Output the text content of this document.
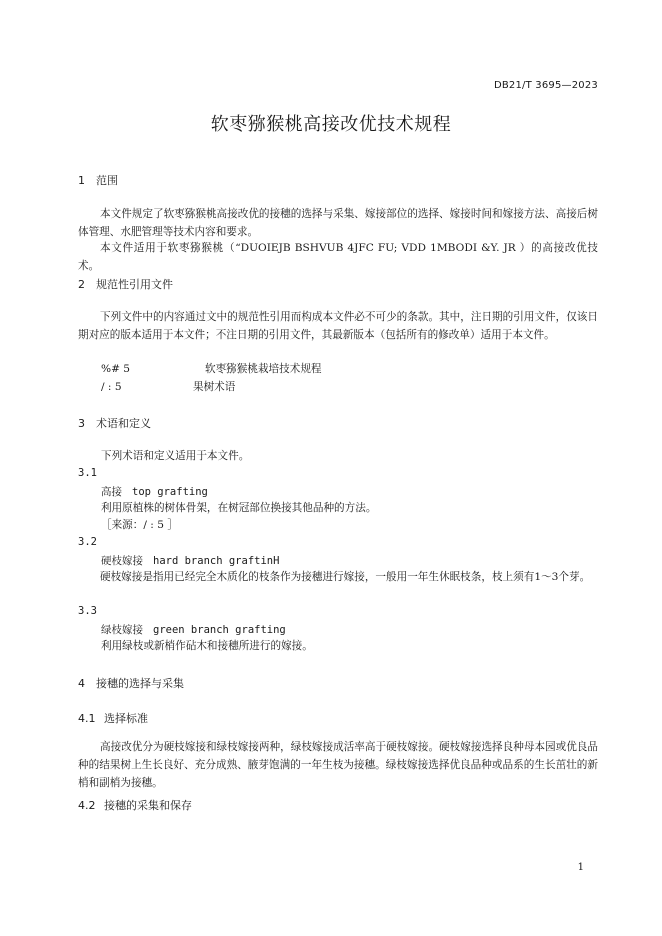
DB21/T 3695—2023
软枣猕猴桃高接改优技术规程
1 范围
本文件规定了软枣猕猴桃高接改优的接穗的选择与采集、嫁接部位的选择、嫁接时间和嫁接方法、高接后树体管理、水肥管理等技术内容和要求。
本文件适用于软枣猕猴桃（“DUOIEJB BSHVUB 4JFC FU; VDD 1MBODI &Y. JR ）的高接改优技术。
2 规范性引用文件
下列文件中的内容通过文中的规范性引用而构成本文件必不可少的条款。其中，注日期的引用文件，仅该日期对应的版本适用于本文件；不注日期的引用文件，其最新版本（包括所有的修改单）适用于本文件。
%# 5	软枣猕猴桃栽培技术规程
/ : 5	果树术语
3 术语和定义
下列术语和定义适用于本文件。
3.1
高接 top grafting
利用原植株的树体骨架，在树冠部位换接其他品种的方法。
［来源：/ : 5 ］
3.2
硬枝嫁接 hard branch graftinH
硬枝嫁接是指用已经完全木质化的枝条作为接穗进行嫁接，一般用一年生休眠枝条，枝上须有1～3个芽。
3.3
绿枝嫁接 green branch grafting
利用绿枝或新梢作砧木和接穗所进行的嫁接。
4 接穗的选择与采集
4.1 选择标准
高接改优分为硬枝嫁接和绿枝嫁接两种，绿枝嫁接成活率高于硬枝嫁接。硬枝嫁接选择良种母本园或优良品种的结果树上生长良好、充分成熟、腋芽饱满的一年生枝为接穗。绿枝嫁接选择优良品种或品系的生长茁壮的新梢和副梢为接穗。
4.2 接穗的采集和保存
1
